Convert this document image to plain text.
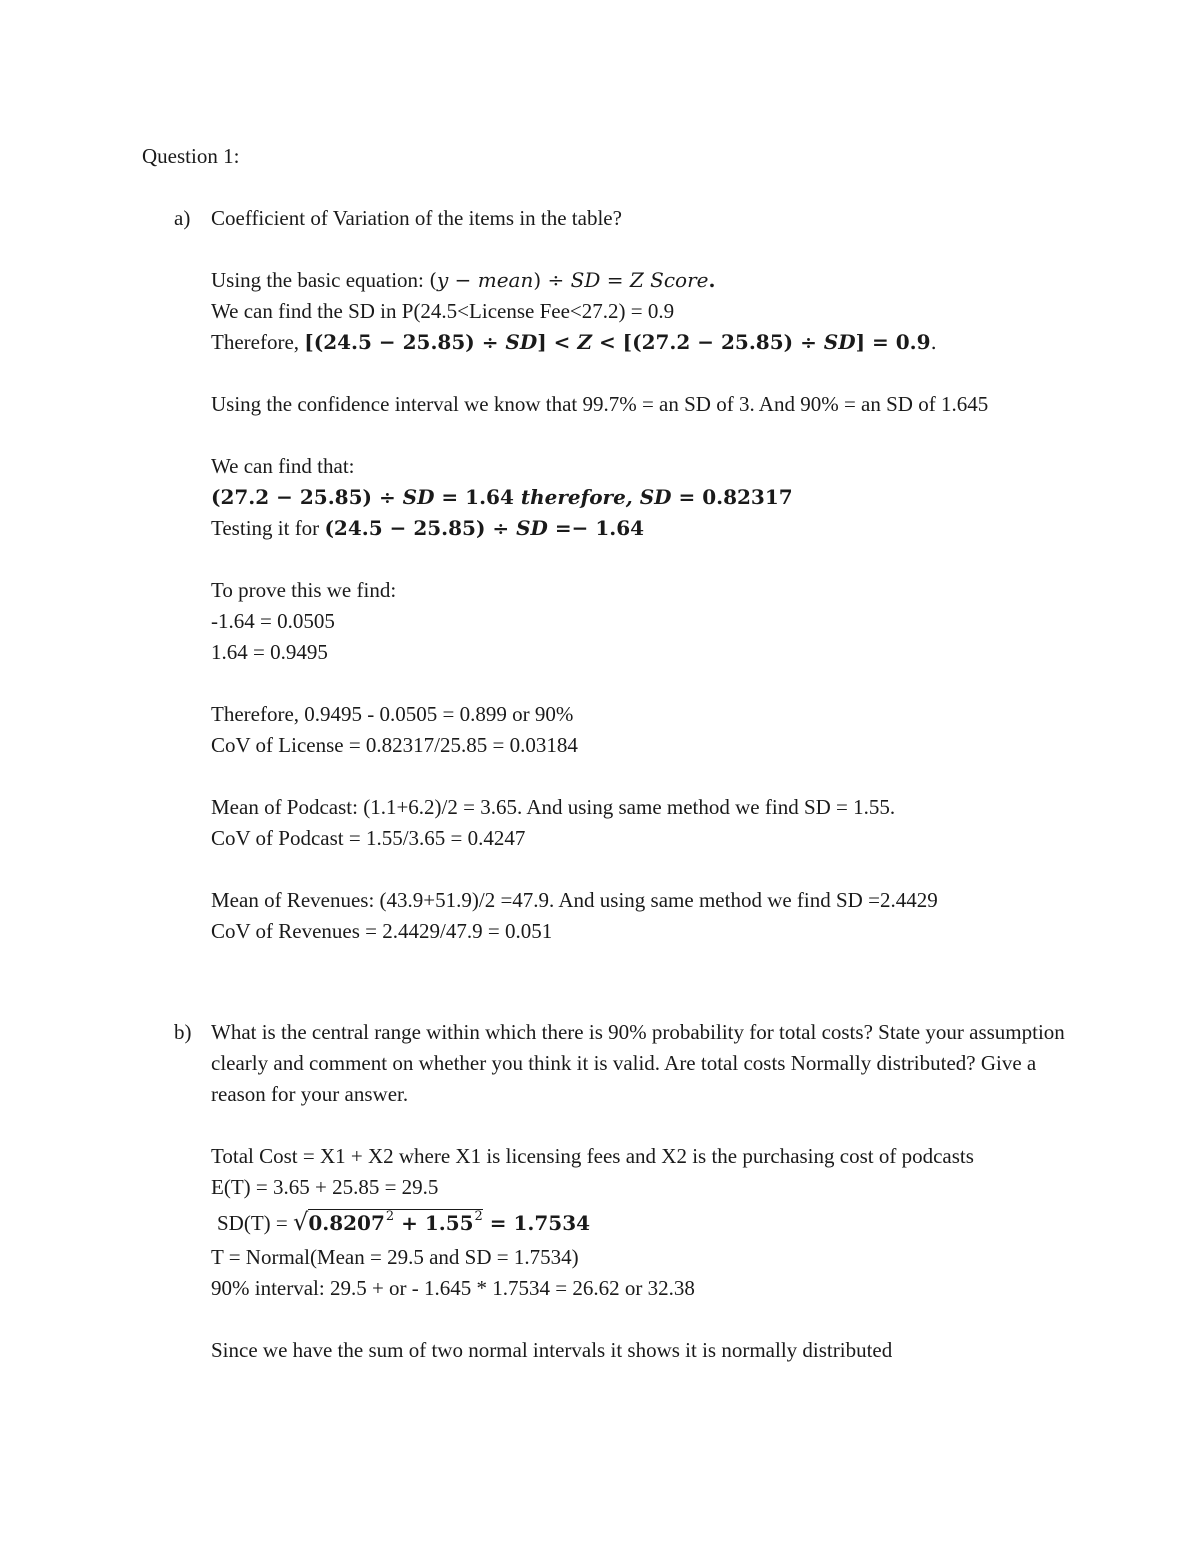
Question 1:
a) Coefficient of Variation of the items in the table?
Using the basic equation: (y − mean) ÷ SD = Z Score.
We can find the SD in P(24.5<License Fee<27.2) = 0.9
Therefore, [(24.5 − 25.85) ÷ SD] < Z < [(27.2 − 25.85) ÷ SD] = 0.9.
Using the confidence interval we know that 99.7% = an SD of 3. And 90% = an SD of 1.645
We can find that:
(27.2 − 25.85) ÷ SD = 1.64 therefore, SD = 0.82317
Testing it for (24.5 − 25.85) ÷ SD =− 1.64
To prove this we find:
-1.64 = 0.0505
1.64 = 0.9495
Therefore, 0.9495 - 0.0505 = 0.899 or 90%
CoV of License = 0.82317/25.85 = 0.03184
Mean of Podcast: (1.1+6.2)/2 = 3.65. And using same method we find SD = 1.55.
CoV of Podcast = 1.55/3.65 = 0.4247
Mean of Revenues: (43.9+51.9)/2 =47.9. And using same method we find SD =2.4429
CoV of Revenues = 2.4429/47.9 = 0.051
b) What is the central range within which there is 90% probability for total costs? State your assumption clearly and comment on whether you think it is valid. Are total costs Normally distributed? Give a reason for your answer.
Total Cost = X1 + X2 where X1 is licensing fees and X2 is the purchasing cost of podcasts
E(T) = 3.65 + 25.85 = 29.5
$SD(T) = √0.8207^2 + 1.55^2 = 1.7534$
T = Normal(Mean = 29.5 and SD = 1.7534)
90% interval: 29.5 + or - 1.645 * 1.7534 = 26.62 or 32.38
Since we have the sum of two normal intervals it shows it is normally distributed
